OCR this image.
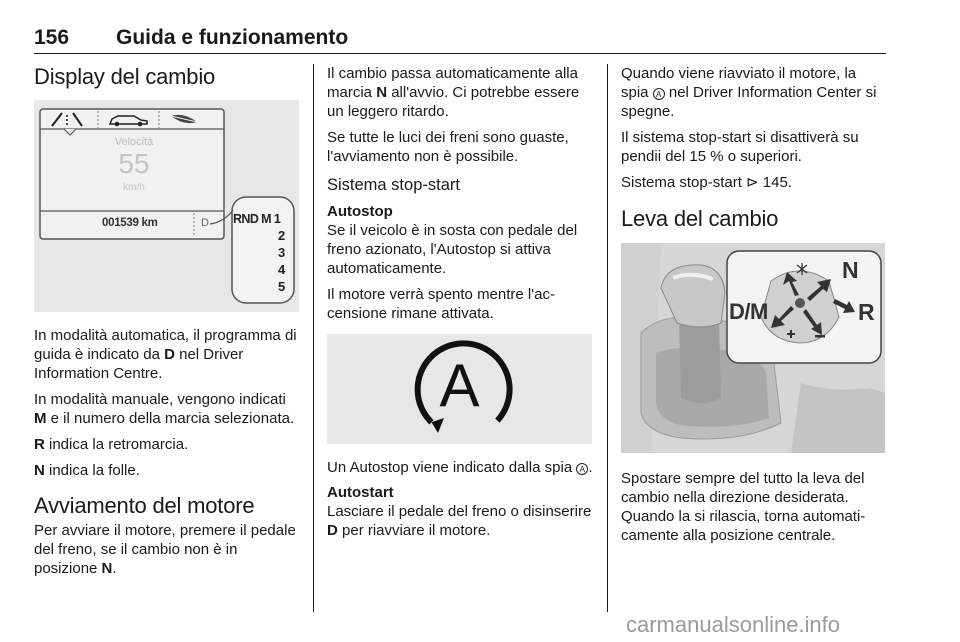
156 Guida e funzionamento
Display del cambio
Velocità
55
km/h
001539 km	D RND M 1
2
3
4
5

In modalità automatica, il programma di guida è indicato da D nel Driver Information Centre.

In modalità manuale, vengono indicati M e il numero della marcia selezionata.

R indica la retromarcia.

N indica la folle.

Avviamento del motore

Per avviare il motore, premere il pedale del freno, se il cambio non è in posizione N.

Il cambio passa automaticamente alla marcia N all'avvio. Ci potrebbe essere un leggero ritardo.

Se tutte le luci dei freni sono guaste, l'avviamento non è possibile.

Sistema stop-start
Autostop

Se il veicolo è in sosta con pedale del freno azionato, l'Autostop si attiva automaticamente.

Il motore verrà spento mentre l'accensione rimane attivata.

A

Un Autostop viene indicato dalla spia A .

Autostart

Lasciare il pedale del freno o disinserire D per riavviare il motore.

Quando viene riavviato il motore, la spia A nel Driver Information Center si spegne.

Il sistema stop-start si disattiverà su pendii del 15 % o superiori.

Sistema stop-start ⊳ 145.

Leva del cambio
D/M
N
R

Spostare sempre del tutto la leva del cambio nella direzione desiderata. Quando la si rilascia, torna automaticamente alla posizione centrale.

carmanualsonline.info
